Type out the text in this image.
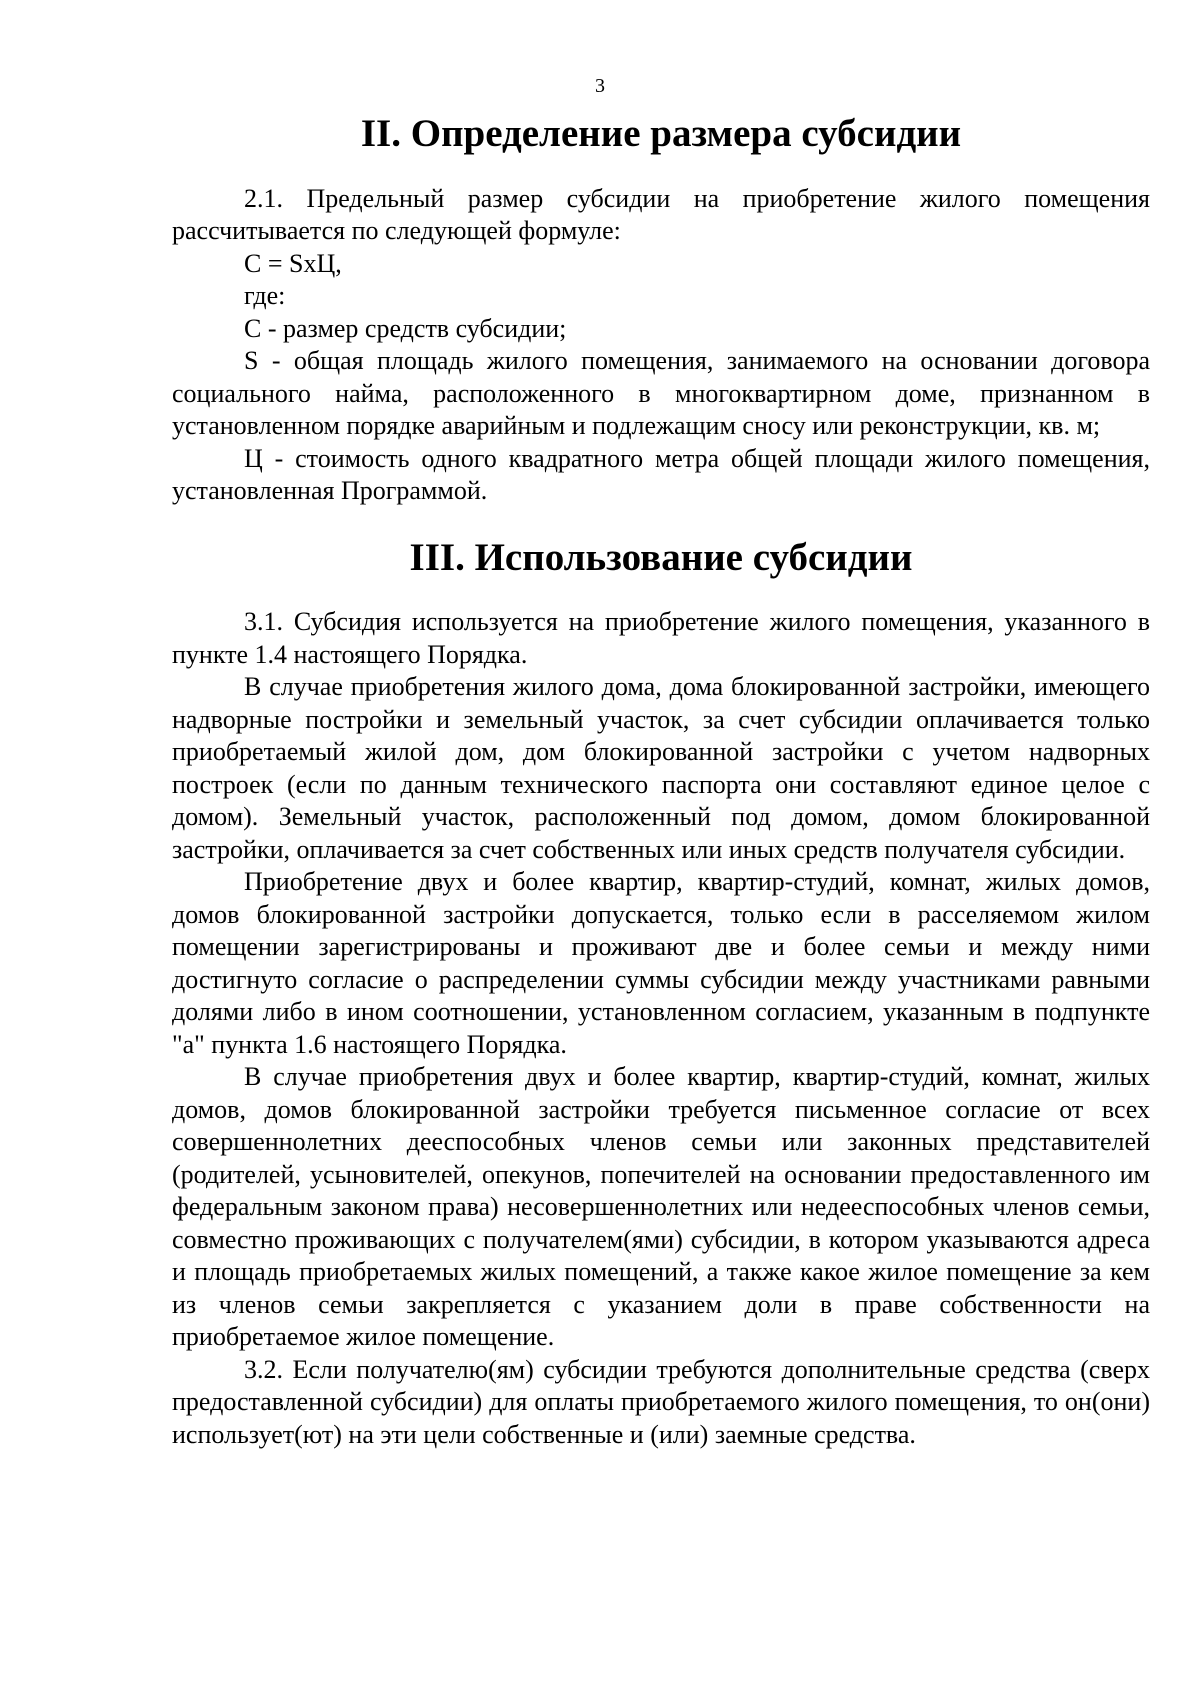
3
II. Определение размера субсидии

2.1. Предельный размер субсидии на приобретение жилого помещения рассчитывается по следующей формуле:

C = SxЦ,

где:

C - размер средств субсидии;

S - общая площадь жилого помещения, занимаемого на основании договора социального найма, расположенного в многоквартирном доме, признанном в установленном порядке аварийным и подлежащим сносу или реконструкции, кв. м;

Ц - стоимость одного квадратного метра общей площади жилого помещения, установленная Программой.

III. Использование субсидии

3.1. Субсидия используется на приобретение жилого помещения, указанного в пункте 1.4 настоящего Порядка.

В случае приобретения жилого дома, дома блокированной застройки, имеющего надворные постройки и земельный участок, за счет субсидии оплачивается только приобретаемый жилой дом, дом блокированной застройки с учетом надворных построек (если по данным технического паспорта они составляют единое целое с домом). Земельный участок, расположенный под домом, домом блокированной застройки, оплачивается за счет собственных или иных средств получателя субсидии.

Приобретение двух и более квартир, квартир-студий, комнат, жилых домов, домов блокированной застройки допускается, только если в расселяемом жилом помещении зарегистрированы и проживают две и более семьи и между ними достигнуто согласие о распределении суммы субсидии между участниками равными долями либо в ином соотношении, установленном согласием, указанным в подпункте "а" пункта 1.6 настоящего Порядка.

В случае приобретения двух и более квартир, квартир-студий, комнат, жилых домов, домов блокированной застройки требуется письменное согласие от всех совершеннолетних дееспособных членов семьи или законных представителей (родителей, усыновителей, опекунов, попечителей на основании предоставленного им федеральным законом права) несовершеннолетних или недееспособных членов семьи, совместно проживающих с получателем(ями) субсидии, в котором указываются адреса и площадь приобретаемых жилых помещений, а также какое жилое помещение за кем из членов семьи закрепляется с указанием доли в праве собственности на приобретаемое жилое помещение.

3.2. Если получателю(ям) субсидии требуются дополнительные средства (сверх предоставленной субсидии) для оплаты приобретаемого жилого помещения, то он(они) использует(ют) на эти цели собственные и (или) заемные средства.
